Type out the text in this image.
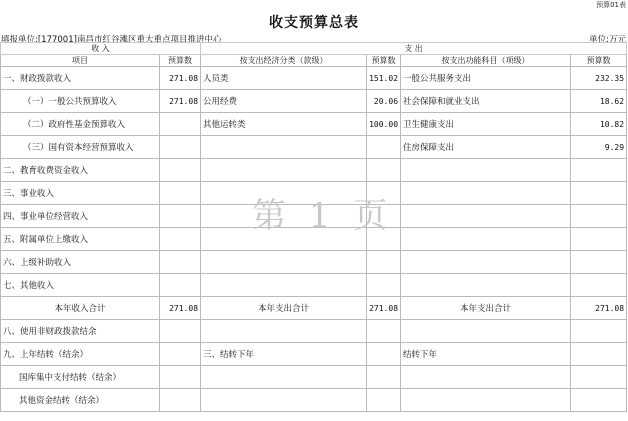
预算01表
收支预算总表
填报单位:[177001]南昌市红谷滩区重大重点项目推进中心	单位:万元
收 入		支 出			
项目	预算数	按支出经济分类（款级）	预算数	按支出功能科目（项级）	预算数
一、财政拨款收入	271.08	人员类	151.02	一般公共服务支出	232.35
（一）一般公共预算收入	271.08	公用经费	20.06	社会保障和就业支出	18.62
（二）政府性基金预算收入		其他运转类	100.00	卫生健康支出	10.82
（三）国有资本经营预算收入				住房保障支出	9.29
二、教育收费资金收入					
三、事业收入					
四、事业单位经营收入					
五、附属单位上缴收入					
六、上级补助收入					
七、其他收入					
本年收入合计	271.08	本年支出合计	271.08	本年支出合计	271.08
八、使用非财政拨款结余					
九、上年结转（结余）		三、结转下年		结转下年	
国库集中支付结转（结余）					
其他资金结转（结余）					
第 1 页
